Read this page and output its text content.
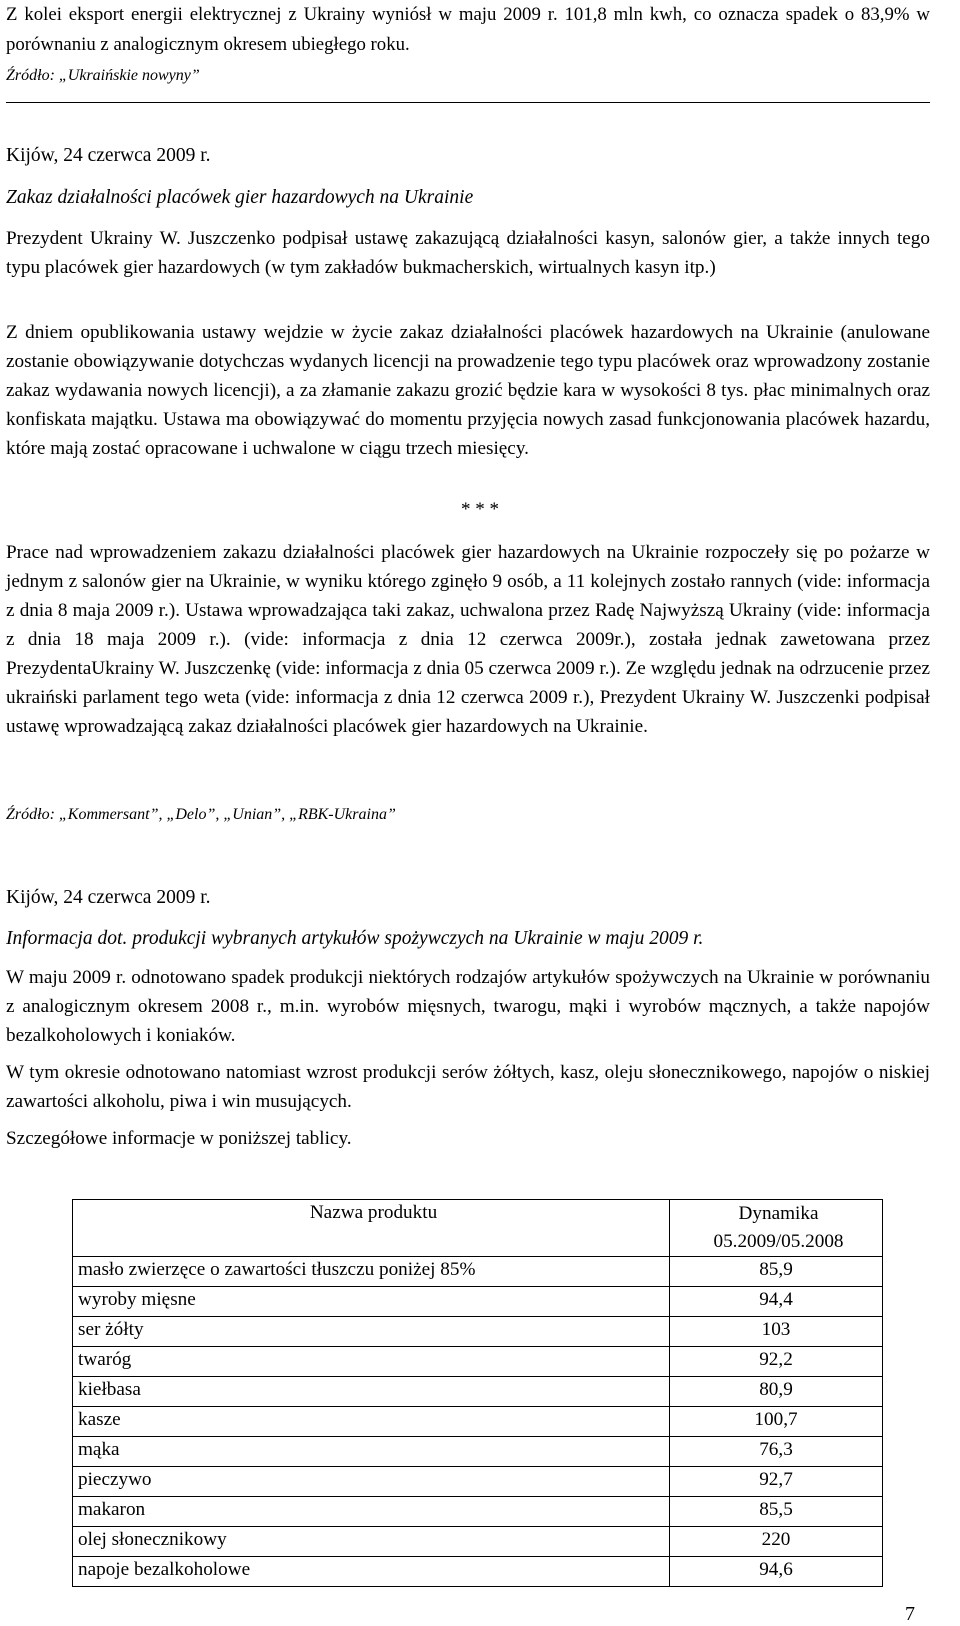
Z kolei eksport energii elektrycznej z Ukrainy wyniósł w maju 2009 r. 101,8 mln kwh, co oznacza spadek o 83,9% w porównaniu z analogicznym okresem ubiegłego roku.

Źródło: „Ukraińskie nowyny”

Kijów, 24 czerwca 2009 r.

Zakaz działalności placówek gier hazardowych na Ukrainie

Prezydent Ukrainy W. Juszczenko podpisał ustawę zakazującą działalności kasyn, salonów gier, a także innych tego typu placówek gier hazardowych (w tym zakładów bukmacherskich, wirtualnych kasyn itp.)

Z dniem opublikowania ustawy wejdzie w życie zakaz działalności placówek hazardowych na Ukrainie (anulowane zostanie obowiązywanie dotychczas wydanych licencji na prowadzenie tego typu placówek oraz wprowadzony zostanie zakaz wydawania nowych licencji), a za złamanie zakazu grozić będzie kara w wysokości 8 tys. płac minimalnych oraz konfiskata majątku. Ustawa ma obowiązywać do momentu przyjęcia nowych zasad funkcjonowania placówek hazardu, które mają zostać opracowane i uchwalone w ciągu trzech miesięcy.

* * *

Prace nad wprowadzeniem zakazu działalności placówek gier hazardowych na Ukrainie rozpoczeły się po pożarze w jednym z salonów gier na Ukrainie, w wyniku którego zginęło 9 osób, a 11 kolejnych zostało rannych (vide: informacja z dnia 8 maja 2009 r.). Ustawa wprowadzająca taki zakaz, uchwalona przez Radę Najwyższą Ukrainy (vide: informacja z dnia 18 maja 2009 r.). (vide: informacja z dnia 12 czerwca 2009r.), została jednak zawetowana przez PrezydentaUkrainy W. Juszczenkę (vide: informacja z dnia 05 czerwca 2009 r.). Ze względu jednak na odrzucenie przez ukraiński parlament tego weta (vide: informacja z dnia 12 czerwca 2009 r.), Prezydent Ukrainy W. Juszczenki podpisał ustawę wprowadzającą zakaz działalności placówek gier hazardowych na Ukrainie.

Źródło: „Kommersant”, „Delo”, „Unian”, „RBK-Ukraina”

Kijów, 24 czerwca 2009 r.

Informacja dot. produkcji wybranych artykułów spożywczych na Ukrainie w maju 2009 r.

W maju 2009 r. odnotowano spadek produkcji niektórych rodzajów artykułów spożywczych na Ukrainie w porównaniu z analogicznym okresem 2008 r., m.in. wyrobów mięsnych, twarogu, mąki i wyrobów mącznych, a także napojów bezalkoholowych i koniaków.

W tym okresie odnotowano natomiast wzrost produkcji serów żółtych, kasz, oleju słonecznikowego, napojów o niskiej zawartości alkoholu, piwa i win musujących.

Szczegółowe informacje w poniższej tablicy.

Nazwa produktu	Dynamika
05.2009/05.2008
masło zwierzęce o zawartości tłuszczu poniżej 85%	85,9
wyroby mięsne	94,4
ser żółty	103
twaróg	92,2
kiełbasa	80,9
kasze	100,7
mąka	76,3
pieczywo	92,7
makaron	85,5
olej słonecznikowy	220
napoje bezalkoholowe	94,6
7
